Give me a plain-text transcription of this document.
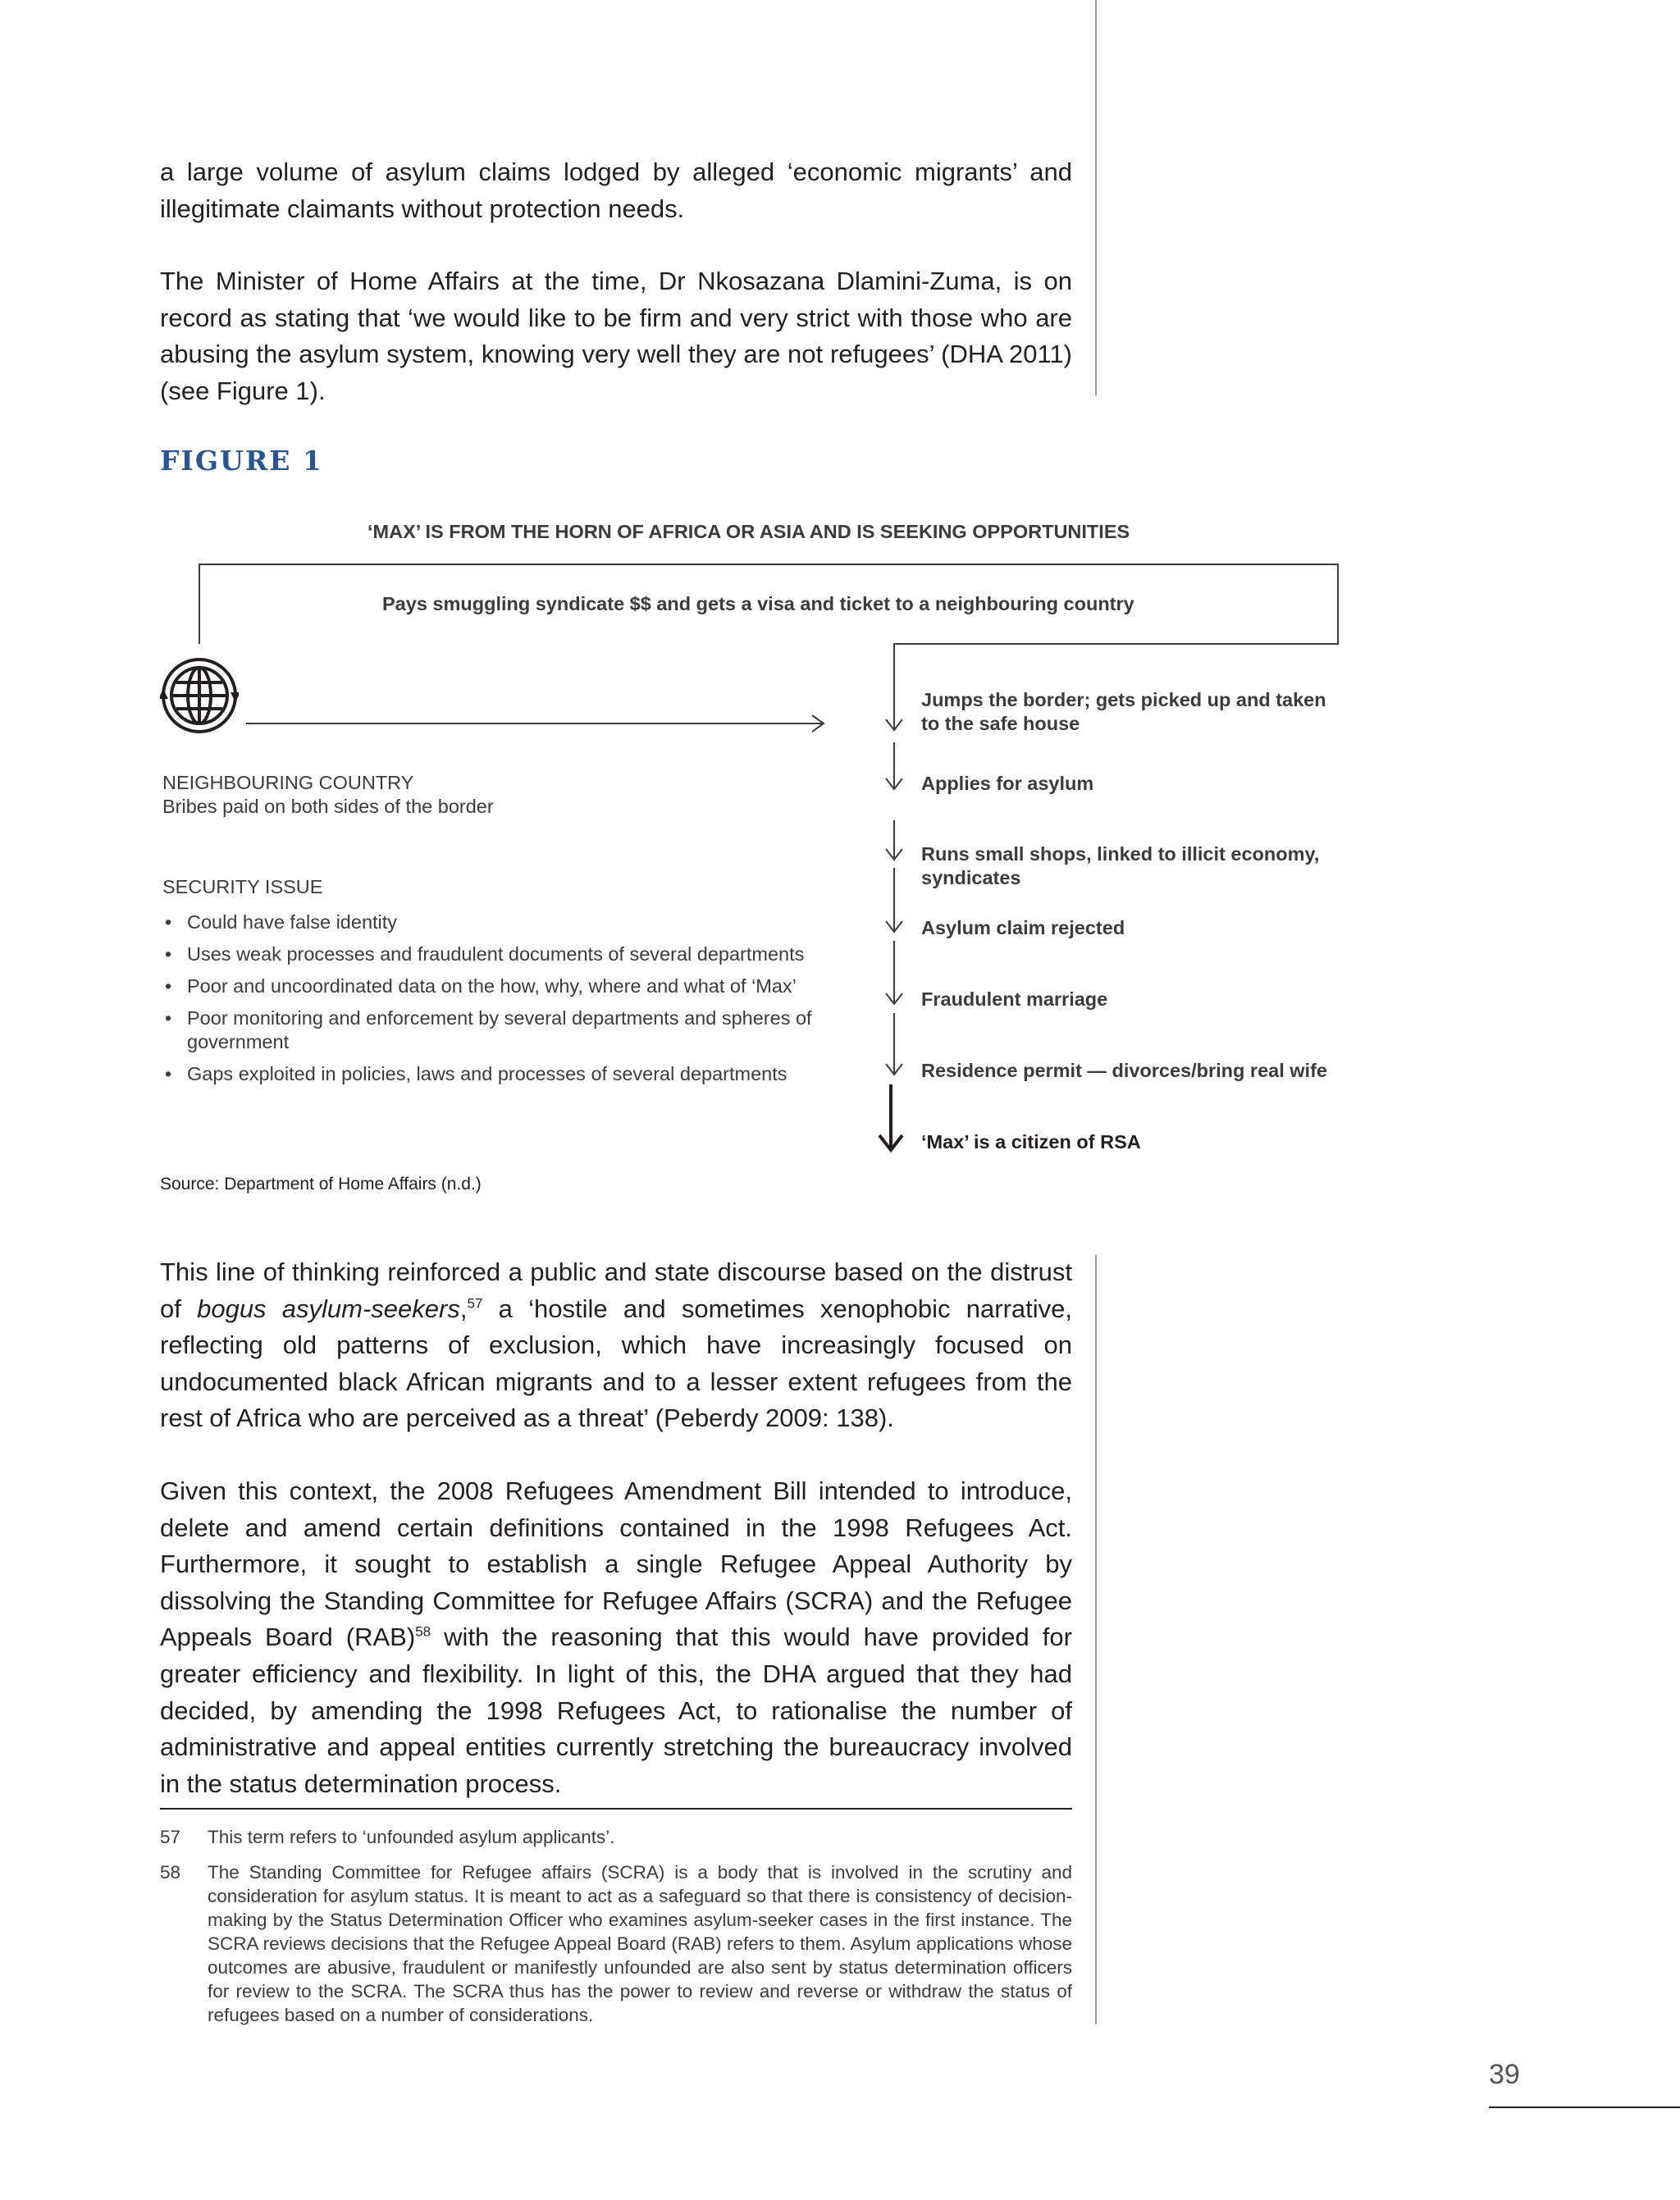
a large volume of asylum claims lodged by alleged ‘economic migrants’ and illegitimate claimants without protection needs.

The Minister of Home Affairs at the time, Dr Nkosazana Dlamini-Zuma, is on record as stating that ‘we would like to be firm and very strict with those who are abusing the asylum system, knowing very well they are not refugees’ (DHA 2011) (see Figure 1).

FIGURE 1
‘MAX’ IS FROM THE HORN OF AFRICA OR ASIA AND IS SEEKING OPPORTUNITIES
Pays smuggling syndicate $$ and gets a visa and ticket to a neighbouring country
NEIGHBOURING COUNTRY
Bribes paid on both sides of the border
SECURITY ISSUE
• Could have false identity
• Uses weak processes and fraudulent documents of several departments
• Poor and uncoordinated data on the how, why, where and what of ‘Max’
• Poor monitoring and enforcement by several departments and spheres of government
• Gaps exploited in policies, laws and processes of several departments
Jumps the border; gets picked up and taken to the safe house
Applies for asylum
Runs small shops, linked to illicit economy, syndicates
Asylum claim rejected
Fraudulent marriage
Residence permit — divorces/bring real wife
‘Max’ is a citizen of RSA
Source: Department of Home Affairs (n.d.)

This line of thinking reinforced a public and state discourse based on the distrust of bogus asylum-seekers,$^{57}$ a ‘hostile and sometimes xenophobic narrative, reflecting old patterns of exclusion, which have increasingly focused on undocumented black African migrants and to a lesser extent refugees from the rest of Africa who are perceived as a threat’ (Peberdy 2009: 138).

Given this context, the 2008 Refugees Amendment Bill intended to introduce, delete and amend certain definitions contained in the 1998 Refugees Act. Furthermore, it sought to establish a single Refugee Appeal Authority by dissolving the Standing Committee for Refugee Affairs (SCRA) and the Refugee Appeals Board (RAB)$^{58}$ with the reasoning that this would have provided for greater efficiency and flexibility. In light of this, the DHA argued that they had decided, by amending the 1998 Refugees Act, to rationalise the number of administrative and appeal entities currently stretching the bureaucracy involved in the status determination process.

57 This term refers to ‘unfounded asylum applicants’.
58 The Standing Committee for Refugee affairs (SCRA) is a body that is involved in the scrutiny and consideration for asylum status. It is meant to act as a safeguard so that there is consistency of decision-making by the Status Determination Officer who examines asylum-seeker cases in the first instance. The SCRA reviews decisions that the Refugee Appeal Board (RAB) refers to them. Asylum applications whose outcomes are abusive, fraudulent or manifestly unfounded are also sent by status determination officers for review to the SCRA. The SCRA thus has the power to review and reverse or withdraw the status of refugees based on a number of considerations.
39
